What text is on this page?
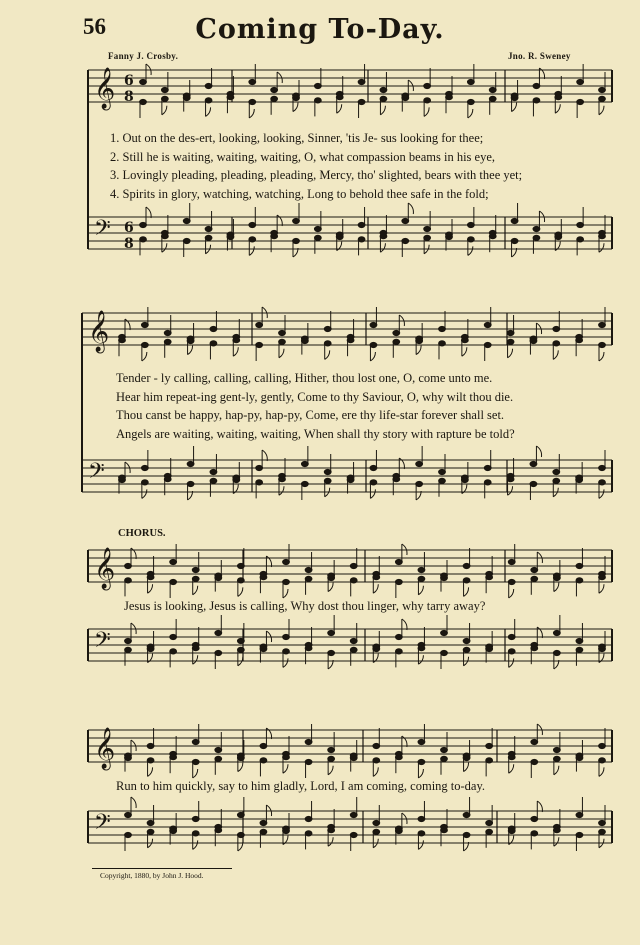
56	Coming To-Day.
Fanny J. Crosby.	Jno. R. Sweney
𝄞 6
8
𝄢 6
8
𝄞
𝄢
𝄞
𝄢
𝄞
𝄢
1. Out on the des-ert, looking, looking, Sinner, 'tis Je- sus looking for thee;
2. Still he is waiting, waiting, waiting, O, what compassion beams in his eye,
3. Lovingly pleading, pleading, pleading, Mercy, tho' slighted, bears with thee yet;
4. Spirits in glory, watching, watching, Long to behold thee safe in the fold;
Tender - ly calling, calling, calling, Hither, thou lost one, O, come unto me.
Hear him repeat-ing gent-ly, gently, Come to thy Saviour, O, why wilt thou die.
Thou canst be happy, hap-py, hap-py, Come, ere thy life-star forever shall set.
Angels are waiting, waiting, waiting, When shall thy story with rapture be told?
CHORUS.
Jesus is looking, Jesus is calling, Why dost thou linger, why tarry away?
Run to him quickly, say to him gladly, Lord, I am coming, coming to-day.
Copyright, 1880, by John J. Hood.
